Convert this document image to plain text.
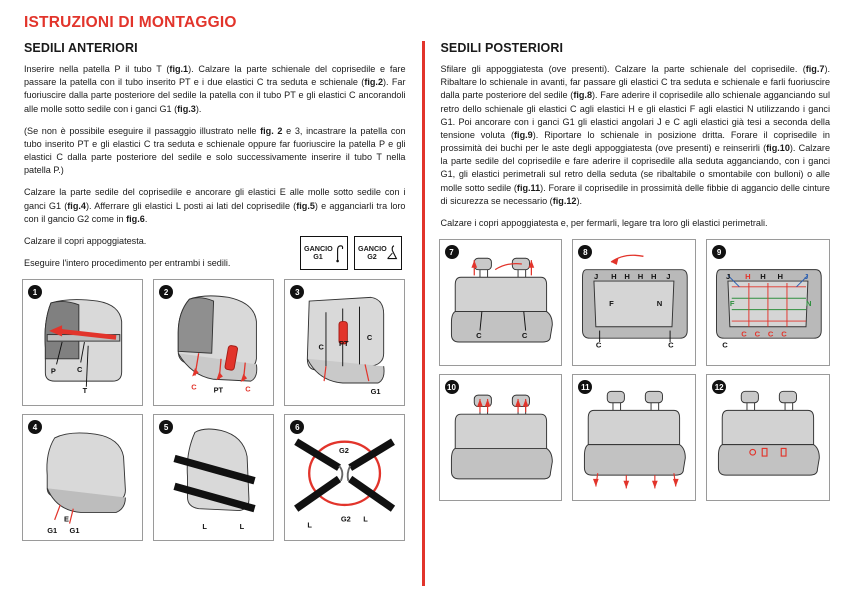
ISTRUZIONI DI MONTAGGIO
SEDILI ANTERIORI

Inserire nella patella P il tubo T (fig.1). Calzare la parte schienale del coprisedile e fare passare la patella con il tubo inserito PT e i due elastici C tra seduta e schienale (fig.2). Far fuoriuscire dalla parte posteriore del sedile la patella con il tubo PT e gli elastici C ancorandoli alle molle sotto sedile con i ganci G1 (fig.3).

(Se non è possibile eseguire il passaggio illustrato nelle fig. 2 e 3, incastrare la patella con tubo inserito PT e gli elastici C tra seduta e schienale oppure far fuoriuscire la patella P e gli elastici C dalla parte posteriore del sedile e solo successivamente inserire il tubo T nella patella P.)

Calzare la parte sedile del coprisedile e ancorare gli elastici E alle molle sotto sedile con i ganci G1 (fig.4). Afferrare gli elastici L posti ai lati del coprisedile (fig.5) e agganciarli tra loro con il gancio G2 come in fig.6.

Calzare il copri appoggiatesta.

Eseguire l'intero procedimento per entrambi i sedili.

1
P	C
T
2
C PT	C
3
C PT
C
G1
4
E
G1 G1
5
L	L
6
G2
L
G2 L
GANCIO
G1
GANCIO
G2
SEDILI POSTERIORI

Sfilare gli appoggiatesta (ove presenti). Calzare la parte schienale del coprisedile. (fig.7). Ribaltare lo schienale in avanti, far passare gli elastici C tra seduta e schienale e farli fuoriuscire dalla parte posteriore del sedile (fig.8). Fare aderire il coprisedile allo schienale agganciando sul retro dello schienale gli elastici C agli elastici H e gli elastici F agli elastici N utilizzando i ganci G1. Poi ancorare con i ganci G1 gli elastici angolari J e C agli elastici già tesi a seconda della tensione voluta (fig.9). Riportare lo schienale in posizione dritta. Forare il coprisedile in prossimità dei buchi per le aste degli appoggiatesta (ove presenti) e reinserirli (fig.10). Calzare la parte sedile del coprisedile e fare aderire il coprisedile alla seduta agganciando, con i ganci G1, gli elastici perimetrali sul retro della seduta (se ribaltabile o smontabile con bulloni) o alle molle sotto sedile (fig.11). Forare il coprisedile in prossimità delle fibbie di aggancio delle cinture di sicurezza se necessario (fig.12).

Calzare i copri appoggiatesta e, per fermarli, legare tra loro gli elastici perimetrali.

7
C	C
8
J H H H H J
F	N
C	C
9
J H H H	J
F	N
C C C C
C
10	11	12
